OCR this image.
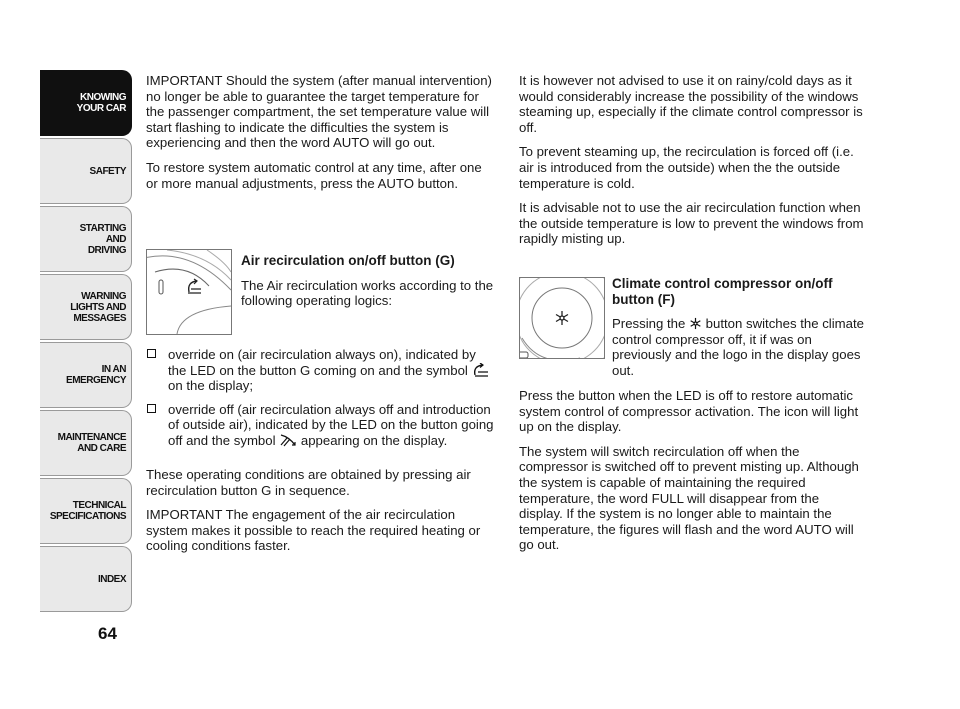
KNOWING
YOUR CAR
SAFETY
STARTING
AND
DRIVING
WARNING
LIGHTS AND
MESSAGES
IN AN
EMERGENCY
MAINTENANCE
AND CARE
TECHNICAL
SPECIFICATIONS
INDEX
64

IMPORTANT Should the system (after manual intervention) no longer be able to guarantee the target temperature for the passenger compartment, the set temperature value will start flashing to indicate the difficulties the system is experiencing and then the word AUTO will go out.

To restore system automatic control at any time, after one or more manual adjustments, press the AUTO button.

Air recirculation on/off button (G)

The Air recirculation works according to the following operating logics:

override on (air recirculation always on), indicated by the LED on the button G coming on and the symbol  on the display;
override off (air recirculation always off and introduction of outside air), indicated by the LED on the button going off and the symbol appearing on the display.

These operating conditions are obtained by pressing air recirculation button G in sequence.

IMPORTANT The engagement of the air recirculation system makes it possible to reach the required heating or cooling conditions faster.

It is however not advised to use it on rainy/cold days as it would considerably increase the possibility of the windows steaming up, especially if the climate control compressor is off.

To prevent steaming up, the recirculation is forced off (i.e. air is introduced from the outside) when the the outside temperature is cold.

It is advisable not to use the air recirculation function when the outside temperature is low to prevent the windows from rapidly misting up.

Climate control compressor on/off button (F)

Pressing the button switches the climate control compressor off, it if was on previously and the logo in the display goes out.

Press the button when the LED is off to restore automatic system control of compressor activation. The icon will light up on the display.

The system will switch recirculation off when the compressor is switched off to prevent misting up. Although the system is capable of maintaining the required temperature, the word FULL will disappear from the display. If the system is no longer able to maintain the temperature, the figures will flash and the word AUTO will go out.
